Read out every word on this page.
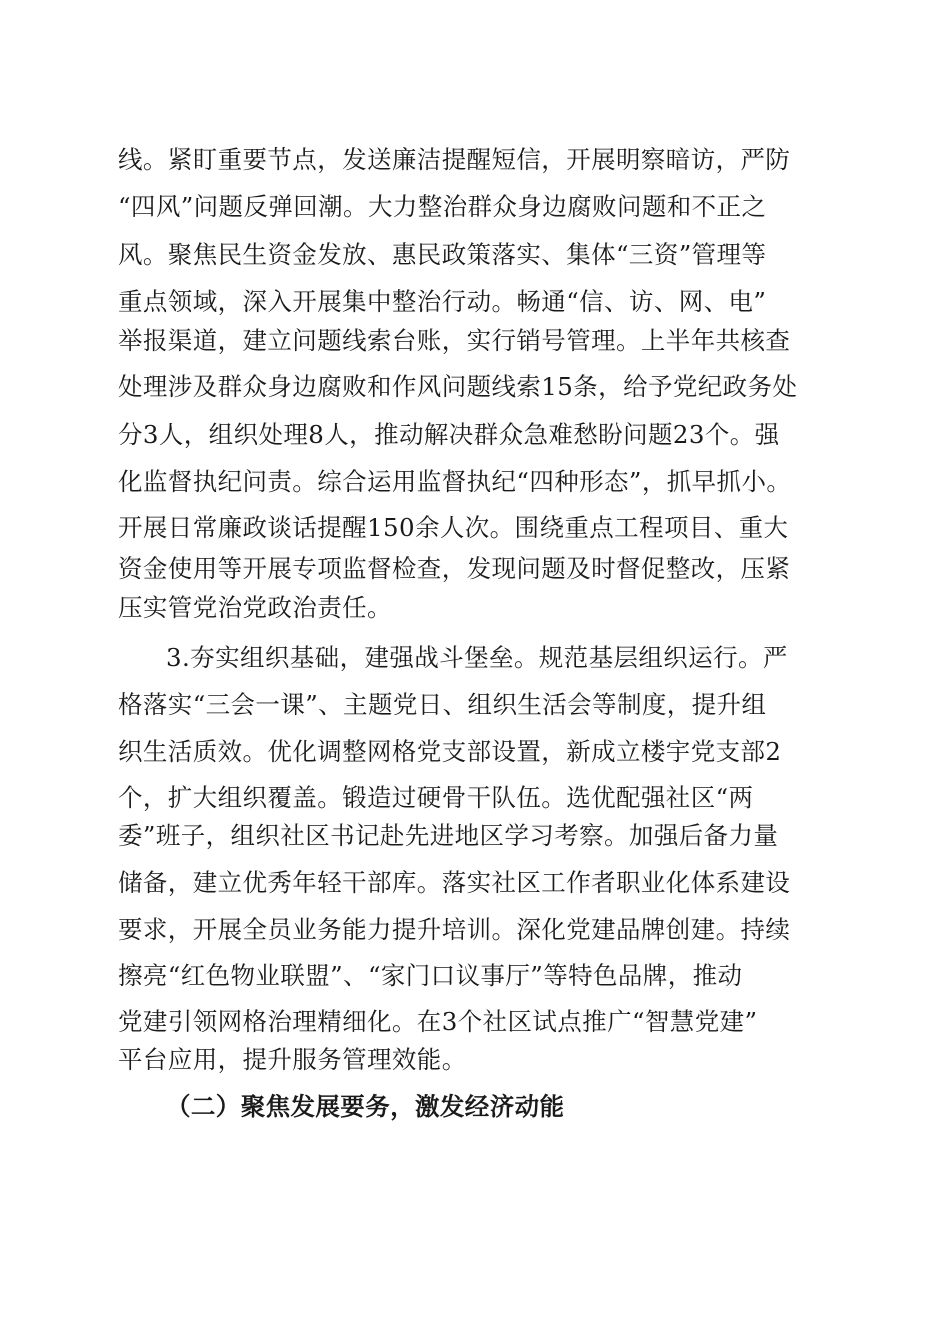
线。紧盯重要节点，发送廉洁提醒短信，开展明察暗访，严防
“四风”问题反弹回潮。大力整治群众身边腐败问题和不正之
风。聚焦民生资金发放、惠民政策落实、集体“三资”管理等
重点领域，深入开展集中整治行动。畅通“信、访、网、电”
举报渠道，建立问题线索台账，实行销号管理。上半年共核查
处理涉及群众身边腐败和作风问题线索15条，给予党纪政务处
分3人，组织处理8人，推动解决群众急难愁盼问题23个。强
化监督执纪问责。综合运用监督执纪“四种形态”，抓早抓小。
开展日常廉政谈话提醒150余人次。围绕重点工程项目、重大
资金使用等开展专项监督检查，发现问题及时督促整改，压紧
压实管党治党政治责任。
3.夯实组织基础，建强战斗堡垒。规范基层组织运行。严
格落实“三会一课”、主题党日、组织生活会等制度，提升组
织生活质效。优化调整网格党支部设置，新成立楼宇党支部2
个，扩大组织覆盖。锻造过硬骨干队伍。选优配强社区“两
委”班子，组织社区书记赴先进地区学习考察。加强后备力量
储备，建立优秀年轻干部库。落实社区工作者职业化体系建设
要求，开展全员业务能力提升培训。深化党建品牌创建。持续
擦亮“红色物业联盟”、“家门口议事厅”等特色品牌，推动
党建引领网格治理精细化。在3个社区试点推广“智慧党建”
平台应用，提升服务管理效能。
（二）聚焦发展要务，激发经济动能
